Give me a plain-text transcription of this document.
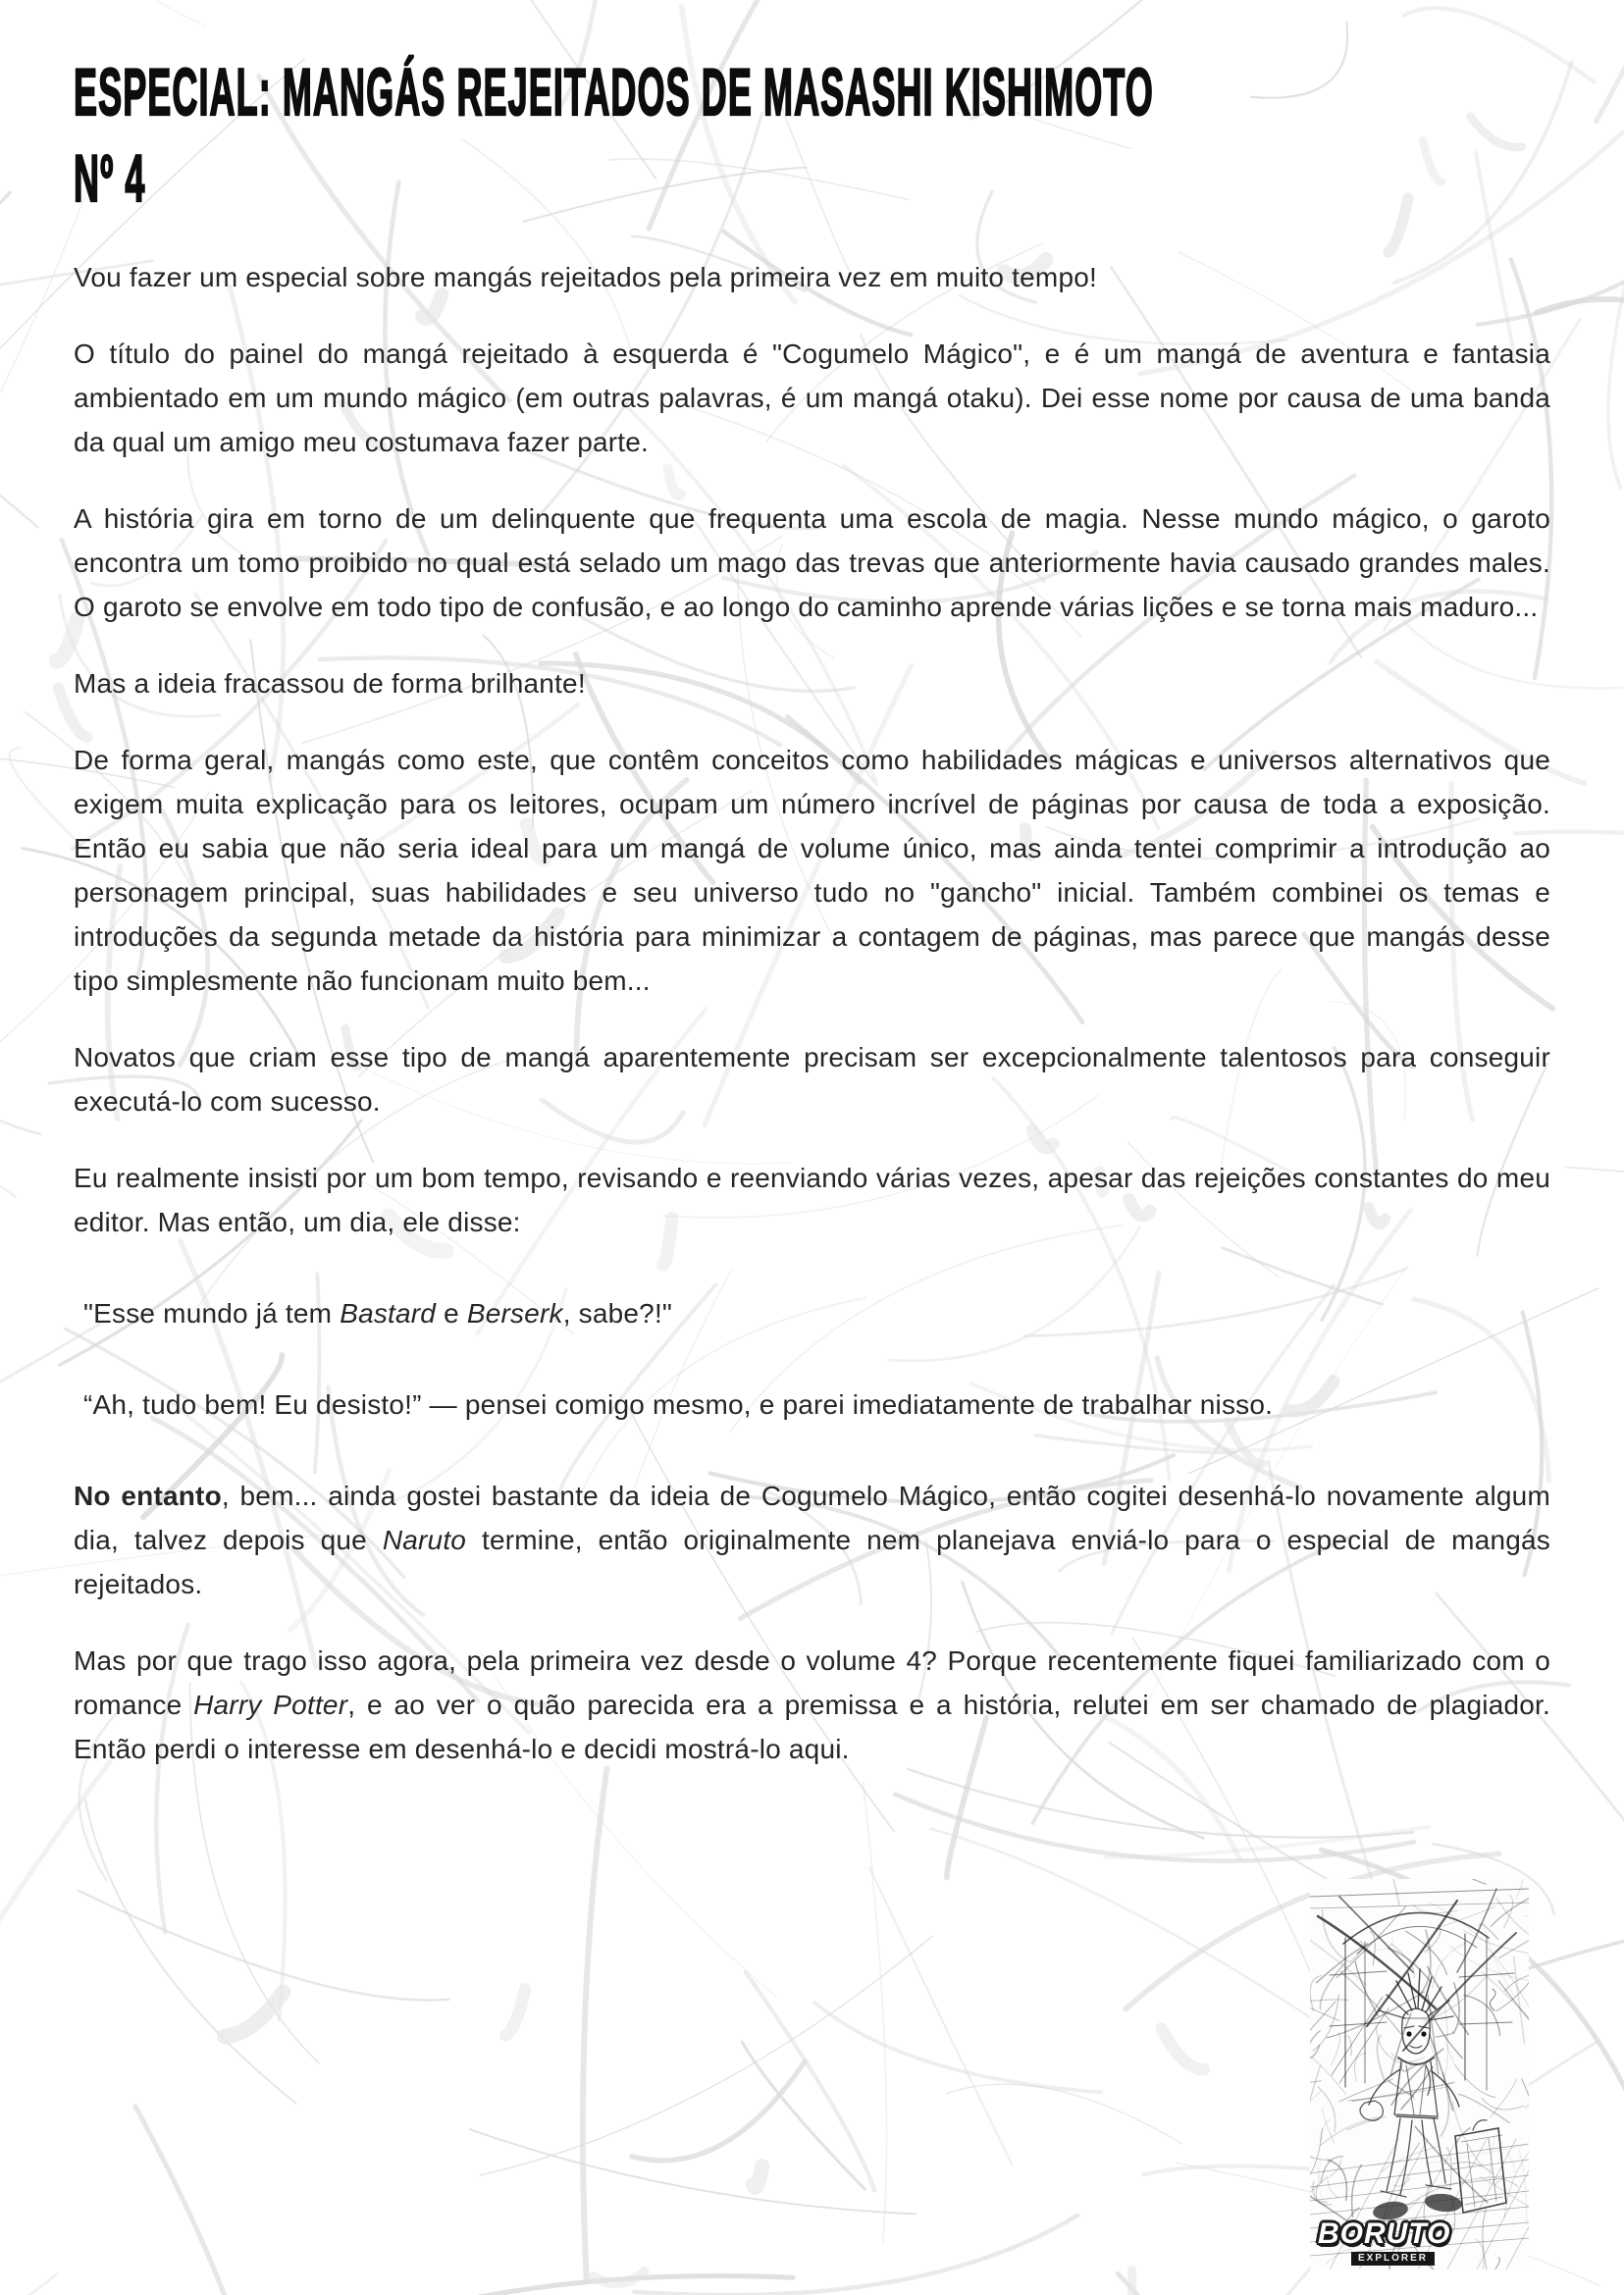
ESPECIAL: MANGÁS REJEITADOS DE MASASHI KISHIMOTO
Nº 4

Vou fazer um especial sobre mangás rejeitados pela primeira vez em muito tempo!

O título do painel do mangá rejeitado à esquerda é "Cogumelo Mágico", e é um mangá de aventura e fantasia ambientado em um mundo mágico (em outras palavras, é um mangá otaku). Dei esse nome por causa de uma banda da qual um amigo meu costumava fazer parte.

A história gira em torno de um delinquente que frequenta uma escola de magia. Nesse mundo mágico, o garoto encontra um tomo proibido no qual está selado um mago das trevas que anteriormente havia causado grandes males. O garoto se envolve em todo tipo de confusão, e ao longo do caminho aprende várias lições e se torna mais maduro...

Mas a ideia fracassou de forma brilhante!

De forma geral, mangás como este, que contêm conceitos como habilidades mágicas e universos alternativos que exigem muita explicação para os leitores, ocupam um número incrível de páginas por causa de toda a exposição. Então eu sabia que não seria ideal para um mangá de volume único, mas ainda tentei comprimir a introdução ao personagem principal, suas habilidades e seu universo tudo no "gancho" inicial. Também combinei os temas e introduções da segunda metade da história para minimizar a contagem de páginas, mas parece que mangás desse tipo simplesmente não funcionam muito bem...

Novatos que criam esse tipo de mangá aparentemente precisam ser excepcionalmente talentosos para conseguir executá-lo com sucesso.

Eu realmente insisti por um bom tempo, revisando e reenviando várias vezes, apesar das rejeições constantes do meu editor. Mas então, um dia, ele disse:

"Esse mundo já tem Bastard e Berserk, sabe?!"

“Ah, tudo bem! Eu desisto!” — pensei comigo mesmo, e parei imediatamente de trabalhar nisso.

No entanto, bem... ainda gostei bastante da ideia de Cogumelo Mágico, então cogitei desenhá-lo novamente algum dia, talvez depois que Naruto termine, então originalmente nem planejava enviá-lo para o especial de mangás rejeitados.

Mas por que trago isso agora, pela primeira vez desde o volume 4? Porque recentemente fiquei familiarizado com o romance Harry Potter, e ao ver o quão parecida era a premissa e a história, relutei em ser chamado de plagiador. Então perdi o interesse em desenhá-lo e decidi mostrá-lo aqui.

BORUTO
EXPLORER
